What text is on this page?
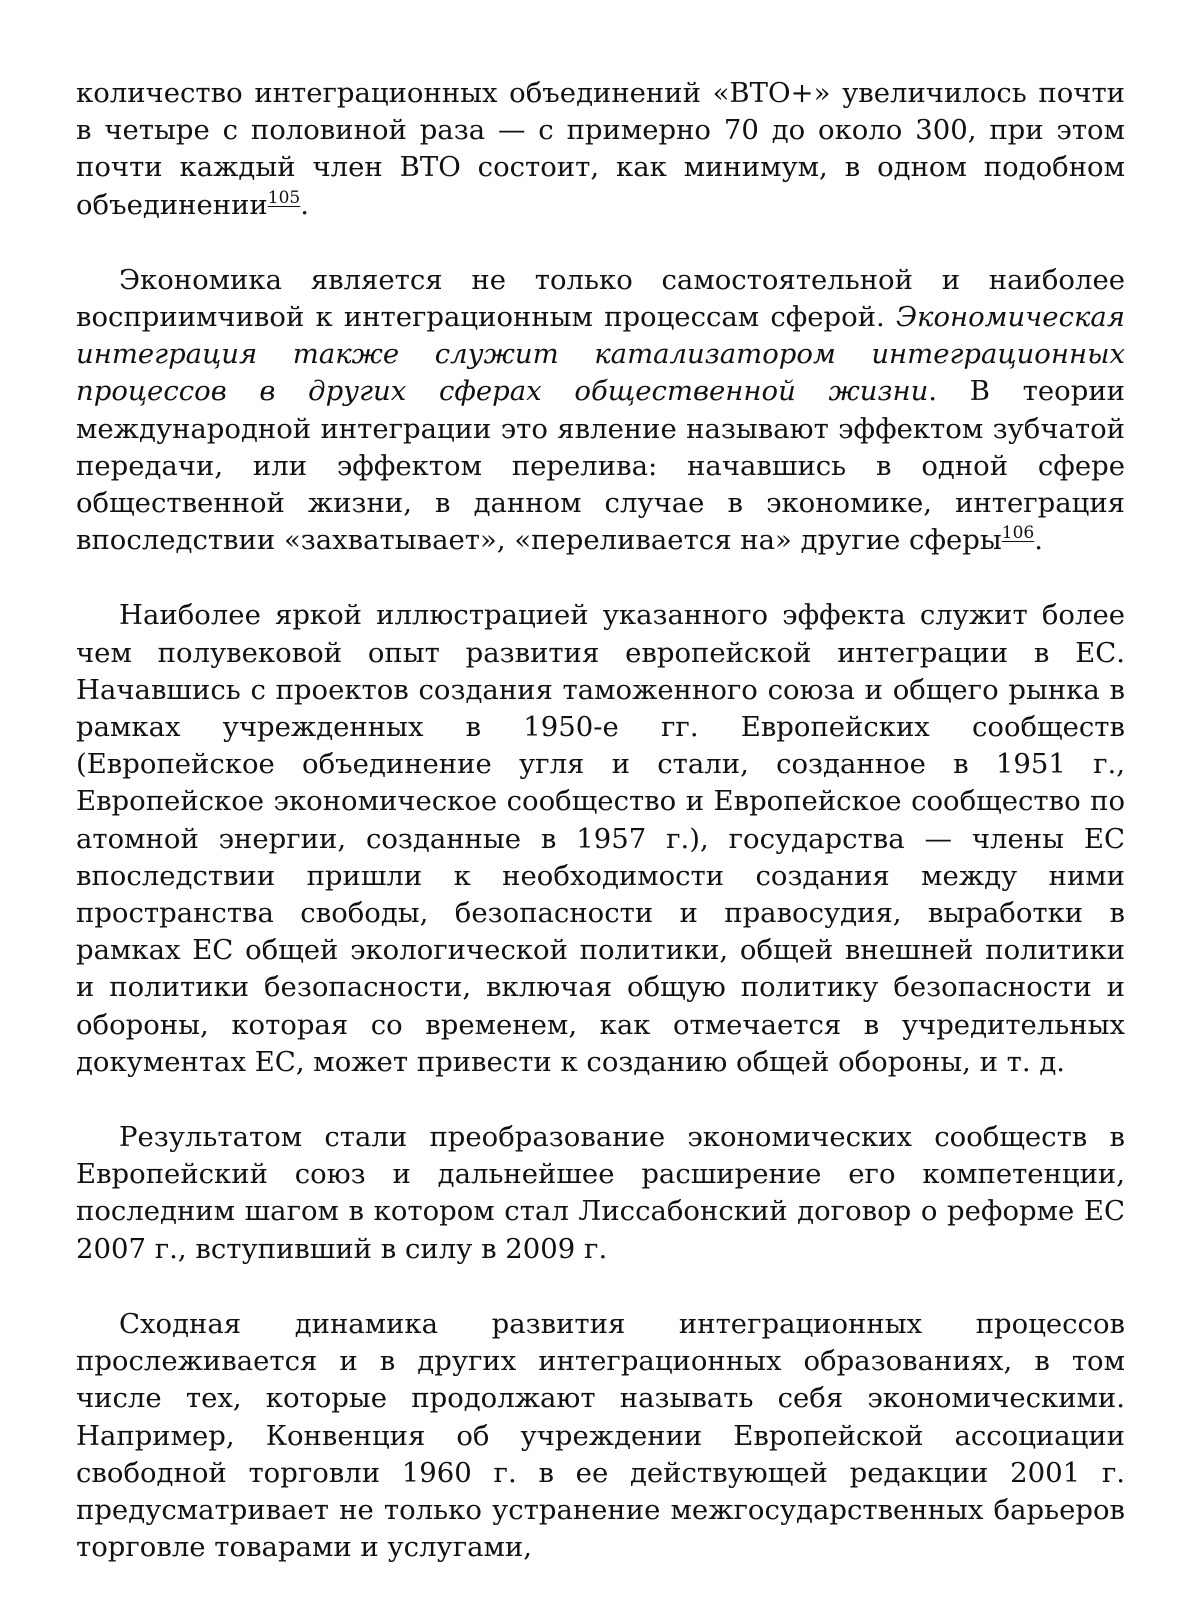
количество интеграционных объединений «ВТО+» увеличилось почти в четыре с половиной раза — с примерно 70 до около 300, при этом почти каждый член ВТО состоит, как минимум, в одном подобном объединении$^{105}$.

Экономика является не только самостоятельной и наиболее восприимчивой к интеграционным процессам сферой. Экономическая интеграция также служит катализатором интеграционных процессов в других сферах общественной жизни. В теории международной интеграции это явление называют эффектом зубчатой передачи, или эффектом перелива: начавшись в одной сфере общественной жизни, в данном случае в экономике, интеграция впоследствии «захватывает», «переливается на» другие сферы$^{106}$.

Наиболее яркой иллюстрацией указанного эффекта служит более чем полувековой опыт развития европейской интеграции в ЕС. Начавшись с проектов создания таможенного союза и общего рынка в рамках учрежденных в 1950-е гг. Европейских сообществ (Европейское объединение угля и стали, созданное в 1951 г., Европейское экономическое сообщество и Европейское сообщество по атомной энергии, созданные в 1957 г.), государства — члены ЕС впоследствии пришли к необходимости создания между ними пространства свободы, безопасности и правосудия, выработки в рамках ЕС общей экологической политики, общей внешней политики и политики безопасности, включая общую политику безопасности и обороны, которая со временем, как отмечается в учредительных документах ЕС, может привести к созданию общей обороны, и т. д.

Результатом стали преобразование экономических сообществ в Европейский союз и дальнейшее расширение его компетенции, последним шагом в котором стал Лиссабонский договор о реформе ЕС 2007 г., вступивший в силу в 2009 г.

Сходная динамика развития интеграционных процессов прослеживается и в других интеграционных образованиях, в том числе тех, которые продолжают называть себя экономическими. Например, Конвенция об учреждении Европейской ассоциации свободной торговли 1960 г. в ее действующей редакции 2001 г. предусматривает не только устранение межгосударственных барьеров торговле товарами и услугами,
